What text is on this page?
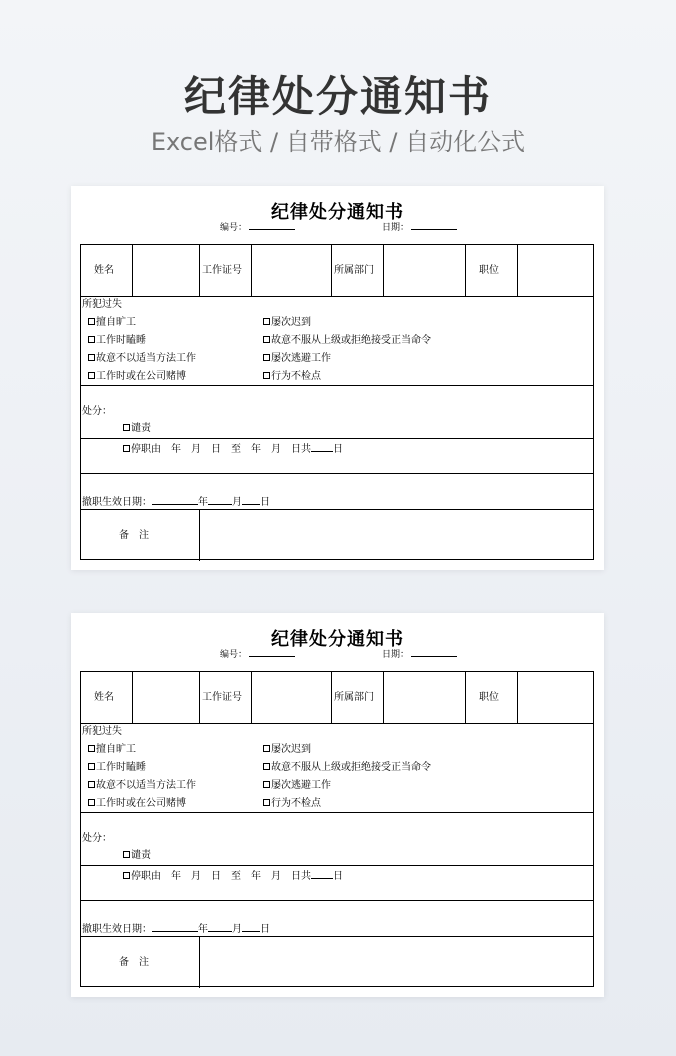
纪律处分通知书
Excel格式 / 自带格式 / 自动化公式
纪律处分通知书
编号：	日期：
姓名	工作证号	所属部门	职位
所犯过失
擅自旷工
工作时瞌睡
故意不以适当方法工作
工作时或在公司赌博
屡次迟到
故意不服从上级或拒绝接受正当命令
屡次逃避工作
行为不检点
处分：
谴责
停职由　年　月　日　至　年　月　日共 日
撤职生效日期：	年 月 日
备　注
纪律处分通知书
编号：	日期：
姓名	工作证号	所属部门	职位
所犯过失
擅自旷工
工作时瞌睡
故意不以适当方法工作
工作时或在公司赌博
屡次迟到
故意不服从上级或拒绝接受正当命令
屡次逃避工作
行为不检点
处分：
谴责
停职由　年　月　日　至　年　月　日共 日
撤职生效日期：	年 月 日
备　注
